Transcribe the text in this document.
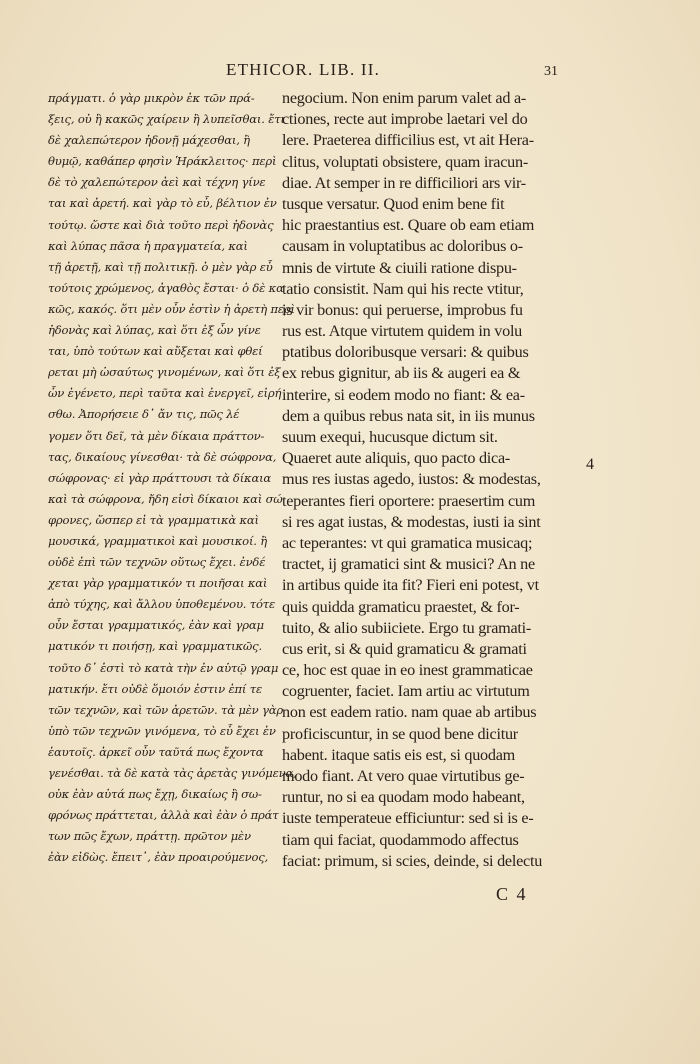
ETHICOR. LIB. II.	31
πράγματι. ὁ γὰρ μικρὸν ἐκ τῶν πρά-
ξεις, οὐ ἢ κακῶς χαίρειν ἢ λυπεῖσθαι. ἔτι
δὲ χαλεπώτερον ἡδονῇ μάχεσθαι, ἢ
θυμῷ, καθάπερ φησὶν Ἡράκλειτος· περὶ
δὲ τὸ χαλεπώτερον ἀεὶ καὶ τέχνη γίνε
ται καὶ ἀρετή. καὶ γὰρ τὸ εὖ, βέλτιον ἐν
τούτῳ. ὥστε καὶ διὰ τοῦτο περὶ ἡδονὰς
καὶ λύπας πᾶσα ἡ πραγματεία, καὶ
τῇ ἀρετῇ, καὶ τῇ πολιτικῇ. ὁ μὲν γὰρ εὖ
τούτοις χρώμενος, ἀγαθὸς ἔσται· ὁ δὲ κα
κῶς, κακός. ὅτι μὲν οὖν ἐστὶν ἡ ἀρετὴ περὶ
ἡδονὰς καὶ λύπας, καὶ ὅτι ἐξ ὧν γίνε
ται, ὑπὸ τούτων καὶ αὔξεται καὶ φθεί
ρεται μὴ ὡσαύτως γινομένων, καὶ ὅτι ἐξ
ὧν ἐγένετο, περὶ ταῦτα καὶ ἐνεργεῖ, εἰρή
σθω. Ἀπορήσειε δ᾽ ἄν τις, πῶς λέ
γομεν ὅτι δεῖ, τὰ μὲν δίκαια πράττον-
τας, δικαίους γίνεσθαι· τὰ δὲ σώφρονα,
σώφρονας· εἰ γὰρ πράττουσι τὰ δίκαια
καὶ τὰ σώφρονα, ἤδη εἰσὶ δίκαιοι καὶ σώ
φρονες, ὥσπερ εἰ τὰ γραμματικὰ καὶ
μουσικά, γραμματικοὶ καὶ μουσικοί. ἢ
οὐδὲ ἐπὶ τῶν τεχνῶν οὕτως ἔχει. ἐνδέ
χεται γὰρ γραμματικόν τι ποιῆσαι καὶ
ἀπὸ τύχης, καὶ ἄλλου ὑποθεμένου. τότε
οὖν ἔσται γραμματικός, ἐὰν καὶ γραμ
ματικόν τι ποιήσῃ, καὶ γραμματικῶς.
τοῦτο δ᾽ ἐστὶ τὸ κατὰ τὴν ἐν αὑτῷ γραμ
ματικήν. ἔτι οὐδὲ ὅμοιόν ἐστιν ἐπί τε
τῶν τεχνῶν, καὶ τῶν ἀρετῶν. τὰ μὲν γὰρ
ὑπὸ τῶν τεχνῶν γινόμενα, τὸ εὖ ἔχει ἐν
ἑαυτοῖς. ἀρκεῖ οὖν ταῦτά πως ἔχοντα
γενέσθαι. τὰ δὲ κατὰ τὰς ἀρετὰς γινόμενα,
οὐκ ἐὰν αὐτά πως ἔχῃ, δικαίως ἢ σω-
φρόνως πράττεται, ἀλλὰ καὶ ἐὰν ὁ πράτ
των πῶς ἔχων, πράττῃ. πρῶτον μὲν
ἐὰν εἰδὼς. ἔπειτ᾽, ἐὰν προαιρούμενος,
negocium. Non enim parum valet ad a-
ctiones, recte aut improbe laetari vel do
lere. Praeterea difficilius est, vt ait Hera-
clitus, voluptati obsistere, quam iracun-
diae. At semper in re difficiliori ars vir-
tusque versatur. Quod enim bene fit
hic praestantius est. Quare ob eam etiam
causam in voluptatibus ac doloribus o-
mnis de virtute & ciuili ratione dispu-
tatio consistit. Nam qui his recte vtitur,
is vir bonus: qui peruerse, improbus fu
rus est. Atque virtutem quidem in volu
ptatibus doloribusque versari: & quibus
ex rebus gignitur, ab iis & augeri ea &
interire, si eodem modo no fiant: & ea-
dem a quibus rebus nata sit, in iis munus
suum exequi, hucusque dictum sit.
Quaeret aute aliquis, quo pacto dica-
mus res iustas agedo, iustos: & modestas,
teperantes fieri oportere: praesertim cum
si res agat iustas, & modestas, iusti ia sint
ac teperantes: vt qui gramatica musicaq;
tractet, ij gramatici sint & musici? An ne
in artibus quide ita fit? Fieri eni potest, vt
quis quidda gramaticu praestet, & for-
tuito, & alio subiiciete. Ergo tu gramati-
cus erit, si & quid gramaticu & gramati
ce, hoc est quae in eo inest grammaticae
cogruenter, faciet. Iam artiu ac virtutum
non est eadem ratio. nam quae ab artibus
proficiscuntur, in se quod bene dicitur
habent. itaque satis eis est, si quodam
modo fiant. At vero quae virtutibus ge-
runtur, no si ea quodam modo habeant,
iuste temperateue efficiuntur: sed si is e-
tiam qui faciat, quodammodo affectus
faciat: primum, si scies, deinde, si delectu
4
C 4
